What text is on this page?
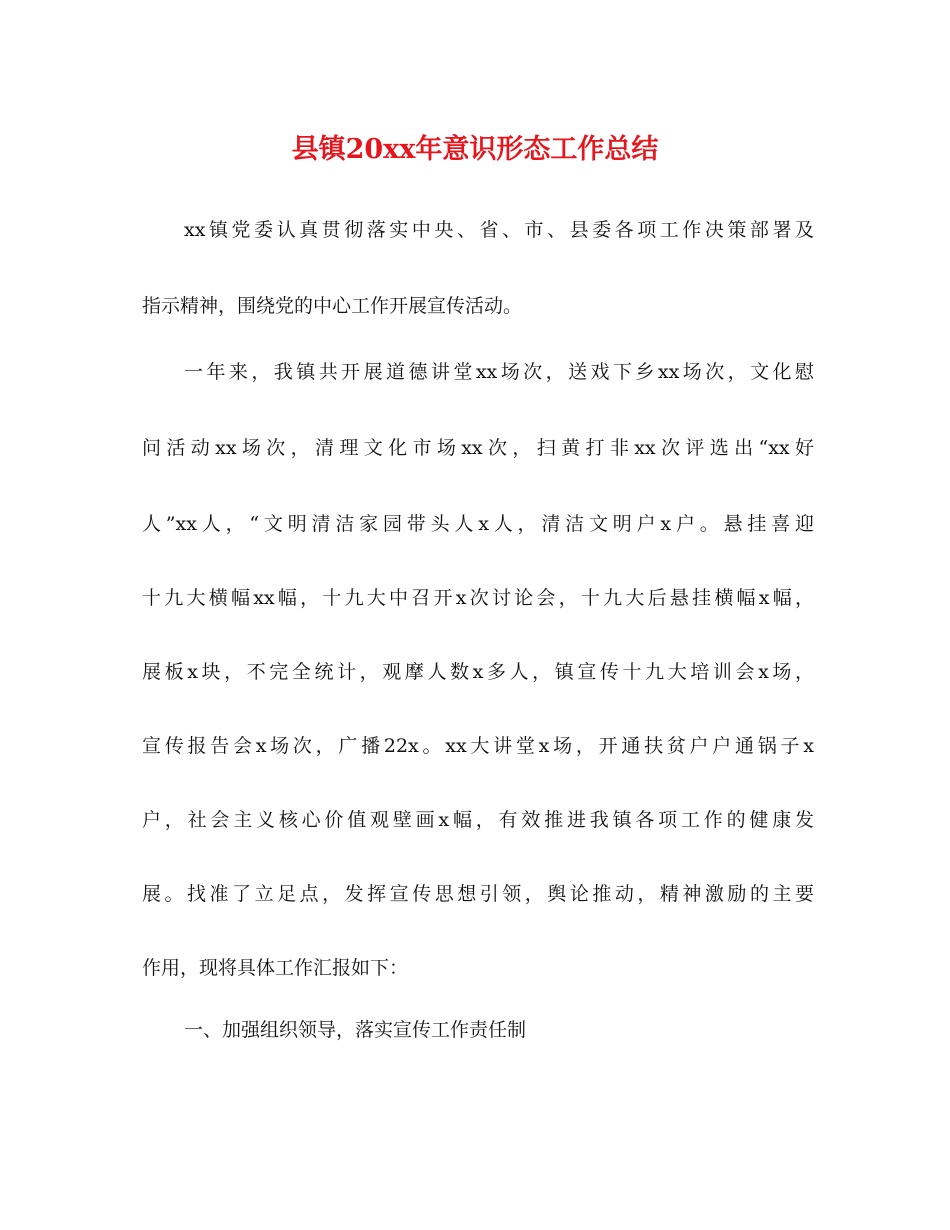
县镇20xx年意识形态工作总结
xx镇党委认真贯彻落实中央、省、市、县委各项工作决策部署及
指示精神，围绕党的中心工作开展宣传活动。
一年来，我镇共开展道德讲堂xx场次，送戏下乡xx场次，文化慰
问活动xx场次，清理文化市场xx次，扫黄打非xx次评选出“xx好
人”xx人，“文明清洁家园带头人x人，清洁文明户x户。悬挂喜迎
十九大横幅xx幅，十九大中召开x次讨论会，十九大后悬挂横幅x幅，
展板x块，不完全统计，观摩人数x多人，镇宣传十九大培训会x场，
宣传报告会x场次，广播22x。xx大讲堂x场，开通扶贫户户通锅子x
户，社会主义核心价值观壁画x幅，有效推进我镇各项工作的健康发
展。找准了立足点，发挥宣传思想引领，舆论推动，精神激励的主要
作用，现将具体工作汇报如下：
一、加强组织领导，落实宣传工作责任制
